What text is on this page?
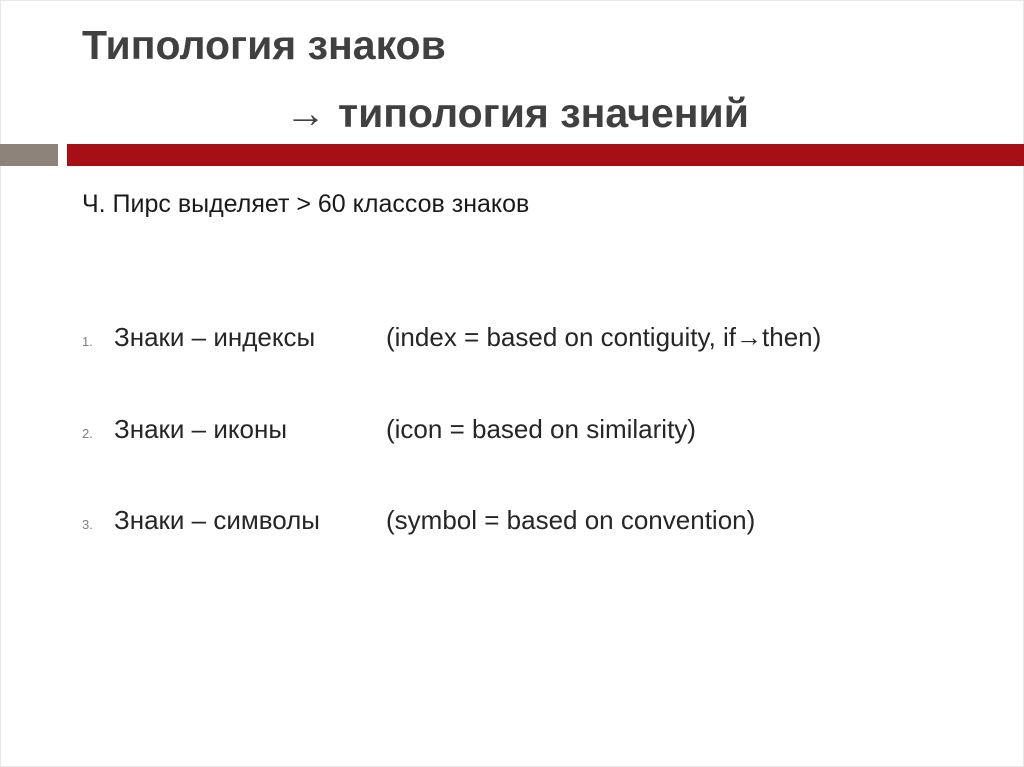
Типология знаков
→ типология значений
Ч. Пирс выделяет > 60 классов знаков
1. Знаки – индексы	(index = based on contiguity, if→then)
2. Знаки – иконы	(icon = based on similarity)
3. Знаки – символы	(symbol = based on convention)
